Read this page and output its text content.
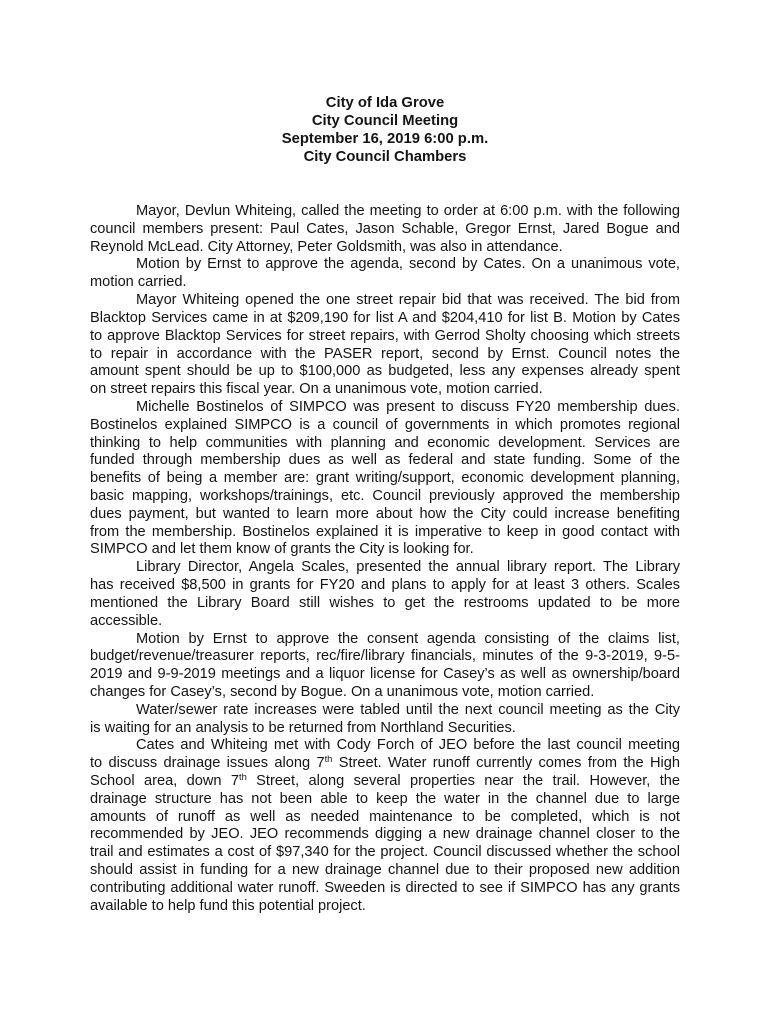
City of Ida Grove
City Council Meeting
September 16, 2019 6:00 p.m.
City Council Chambers
Mayor, Devlun Whiteing, called the meeting to order at 6:00 p.m. with the following
council members present: Paul Cates, Jason Schable, Gregor Ernst, Jared Bogue and
Reynold McLead. City Attorney, Peter Goldsmith, was also in attendance.
Motion by Ernst to approve the agenda, second by Cates. On a unanimous vote,
motion carried.
Mayor Whiteing opened the one street repair bid that was received. The bid from
Blacktop Services came in at $209,190 for list A and $204,410 for list B. Motion by Cates
to approve Blacktop Services for street repairs, with Gerrod Sholty choosing which streets
to repair in accordance with the PASER report, second by Ernst. Council notes the
amount spent should be up to $100,000 as budgeted, less any expenses already spent
on street repairs this fiscal year. On a unanimous vote, motion carried.
Michelle Bostinelos of SIMPCO was present to discuss FY20 membership dues.
Bostinelos explained SIMPCO is a council of governments in which promotes regional
thinking to help communities with planning and economic development. Services are
funded through membership dues as well as federal and state funding. Some of the
benefits of being a member are: grant writing/support, economic development planning,
basic mapping, workshops/trainings, etc. Council previously approved the membership
dues payment, but wanted to learn more about how the City could increase benefiting
from the membership. Bostinelos explained it is imperative to keep in good contact with
SIMPCO and let them know of grants the City is looking for.
Library Director, Angela Scales, presented the annual library report. The Library
has received $8,500 in grants for FY20 and plans to apply for at least 3 others. Scales
mentioned the Library Board still wishes to get the restrooms updated to be more
accessible.
Motion by Ernst to approve the consent agenda consisting of the claims list,
budget/revenue/treasurer reports, rec/fire/library financials, minutes of the 9-3-2019, 9-5-
2019 and 9-9-2019 meetings and a liquor license for Casey’s as well as ownership/board
changes for Casey’s, second by Bogue. On a unanimous vote, motion carried.
Water/sewer rate increases were tabled until the next council meeting as the City
is waiting for an analysis to be returned from Northland Securities.
Cates and Whiteing met with Cody Forch of JEO before the last council meeting
to discuss drainage issues along 7th Street. Water runoff currently comes from the High
School area, down 7th Street, along several properties near the trail. However, the
drainage structure has not been able to keep the water in the channel due to large
amounts of runoff as well as needed maintenance to be completed, which is not
recommended by JEO. JEO recommends digging a new drainage channel closer to the
trail and estimates a cost of $97,340 for the project. Council discussed whether the school
should assist in funding for a new drainage channel due to their proposed new addition
contributing additional water runoff. Sweeden is directed to see if SIMPCO has any grants
available to help fund this potential project.
